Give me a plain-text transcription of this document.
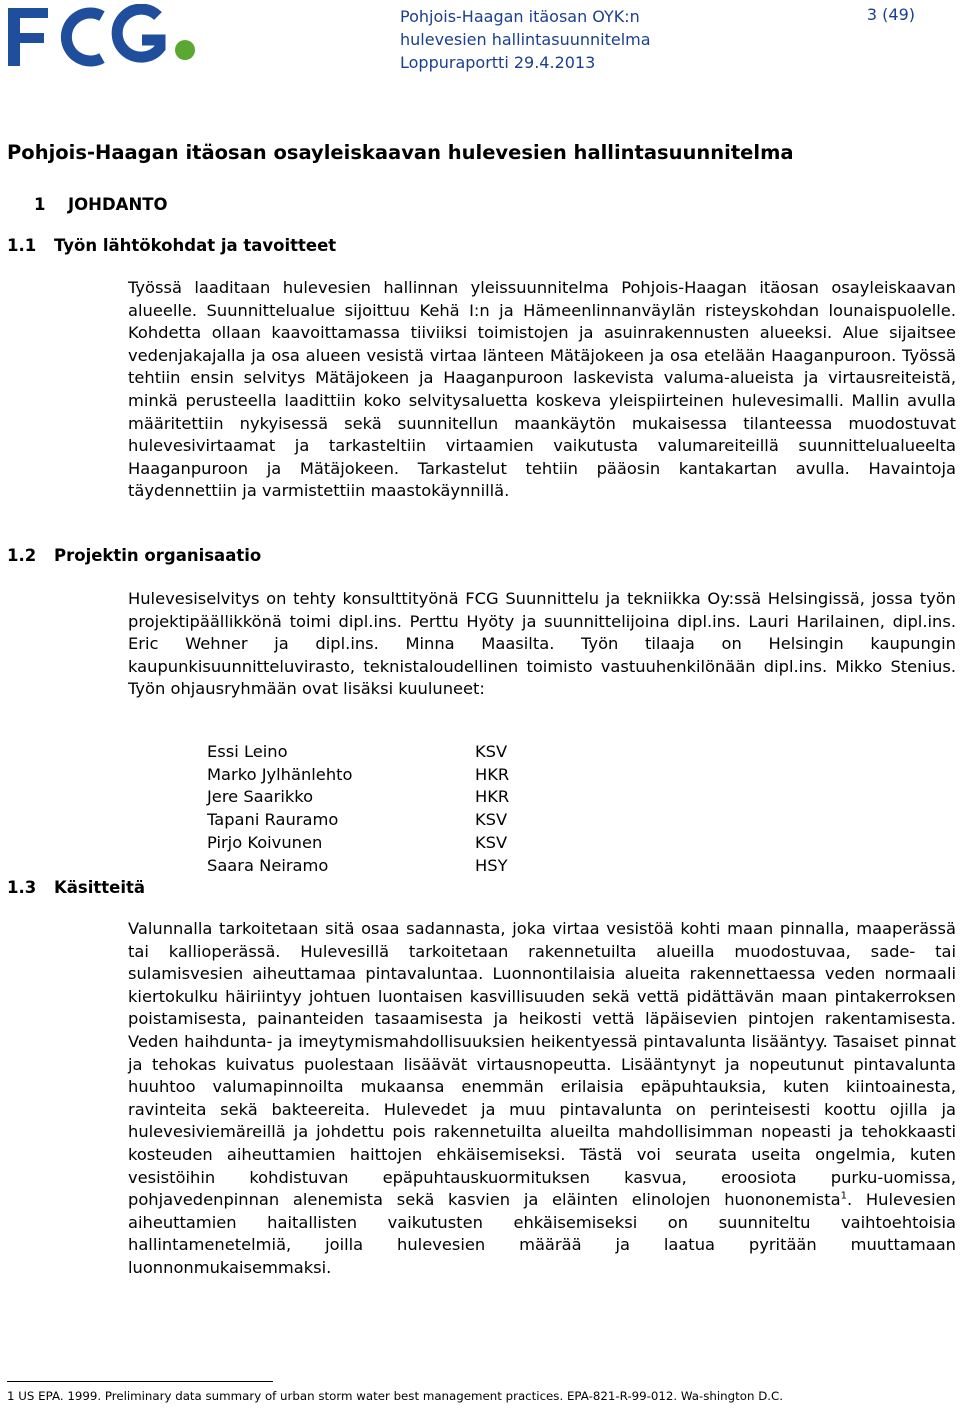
Pohjois-Haagan itäosan OYK:n
hulevesien hallintasuunnitelma
Loppuraportti 29.4.2013
3 (49)
Pohjois-Haagan itäosan osayleiskaavan hulevesien hallintasuunnitelma
1 JOHDANTO
1.1 Työn lähtökohdat ja tavoitteet

Työssä laaditaan hulevesien hallinnan yleissuunnitelma Pohjois-Haagan itäosan osayleiskaavan alueelle. Suunnittelualue sijoittuu Kehä I:n ja Hämeenlinnanväylän risteyskohdan lounaispuolelle. Kohdetta ollaan kaavoittamassa tiiviiksi toimistojen ja asuinrakennusten alueeksi. Alue sijaitsee vedenjakajalla ja osa alueen vesistä virtaa länteen Mätäjokeen ja osa etelään Haaganpuroon. Työssä tehtiin ensin selvitys Mätäjokeen ja Haaganpuroon laskevista valuma-alueista ja virtausreiteistä, minkä perusteella laadittiin koko selvitysaluetta koskeva yleispiirteinen hulevesimalli. Mallin avulla määritettiin nykyisessä sekä suunnitellun maankäytön mukaisessa tilanteessa muodostuvat hulevesivirtaamat ja tarkasteltiin virtaamien vaikutusta valumareiteillä suunnittelualueelta Haaganpuroon ja Mätäjokeen. Tarkastelut tehtiin pääosin kantakartan avulla. Havaintoja täydennettiin ja varmistettiin maastokäynnillä.

1.2 Projektin organisaatio

Hulevesiselvitys on tehty konsulttityönä FCG Suunnittelu ja tekniikka Oy:ssä Helsingissä, jossa työn projektipäällikkönä toimi dipl.ins. Perttu Hyöty ja suunnittelijoina dipl.ins. Lauri Harilainen, dipl.ins. Eric Wehner ja dipl.ins. Minna Maasilta. Työn tilaaja on Helsingin kaupungin kaupunkisuunnitteluvirasto, teknistaloudellinen toimisto vastuuhenkilönään dipl.ins. Mikko Stenius. Työn ohjausryhmään ovat lisäksi kuuluneet:

Essi Leino	KSV
Marko Jylhänlehto	HKR
Jere Saarikko	HKR
Tapani Rauramo	KSV
Pirjo Koivunen	KSV
Saara Neiramo	HSY
1.3 Käsitteitä

Valunnalla tarkoitetaan sitä osaa sadannasta, joka virtaa vesistöä kohti maan pinnalla, maaperässä tai kallioperässä. Hulevesillä tarkoitetaan rakennetuilta alueilla muodostuvaa, sade- tai sulamisvesien aiheuttamaa pintavaluntaa. Luonnontilaisia alueita rakennettaessa veden normaali kiertokulku häiriintyy johtuen luontaisen kasvillisuuden sekä vettä pidättävän maan pintakerroksen poistamisesta, painanteiden tasaamisesta ja heikosti vettä läpäisevien pintojen rakentamisesta. Veden haihdunta- ja imeytymismahdollisuuksien heikentyessä pintavalunta lisääntyy. Tasaiset pinnat ja tehokas kuivatus puolestaan lisäävät virtausnopeutta. Lisääntynyt ja nopeutunut pintavalunta huuhtoo valumapinnoilta mukaansa enemmän erilaisia epäpuhtauksia, kuten kiintoainesta, ravinteita sekä bakteereita. Hulevedet ja muu pintavalunta on perinteisesti koottu ojilla ja hulevesiviemäreillä ja johdettu pois rakennetuilta alueilta mahdollisimman nopeasti ja tehokkaasti kosteuden aiheuttamien haittojen ehkäisemiseksi. Tästä voi seurata useita ongelmia, kuten vesistöihin kohdistuvan epäpuhtauskuormituksen kasvua, eroosiota purku-uomissa, pohjavedenpinnan alenemista sekä kasvien ja eläinten elinolojen huononemista$^1$. Hulevesien aiheuttamien haitallisten vaikutusten ehkäisemiseksi on suunniteltu vaihtoehtoisia hallintamenetelmiä, joilla hulevesien määrää ja laatua pyritään muuttamaan luonnonmukaisemmaksi.

1 US EPA. 1999. Preliminary data summary of urban storm water best management practices. EPA-821-R-99-012. Wa-shington D.C.
